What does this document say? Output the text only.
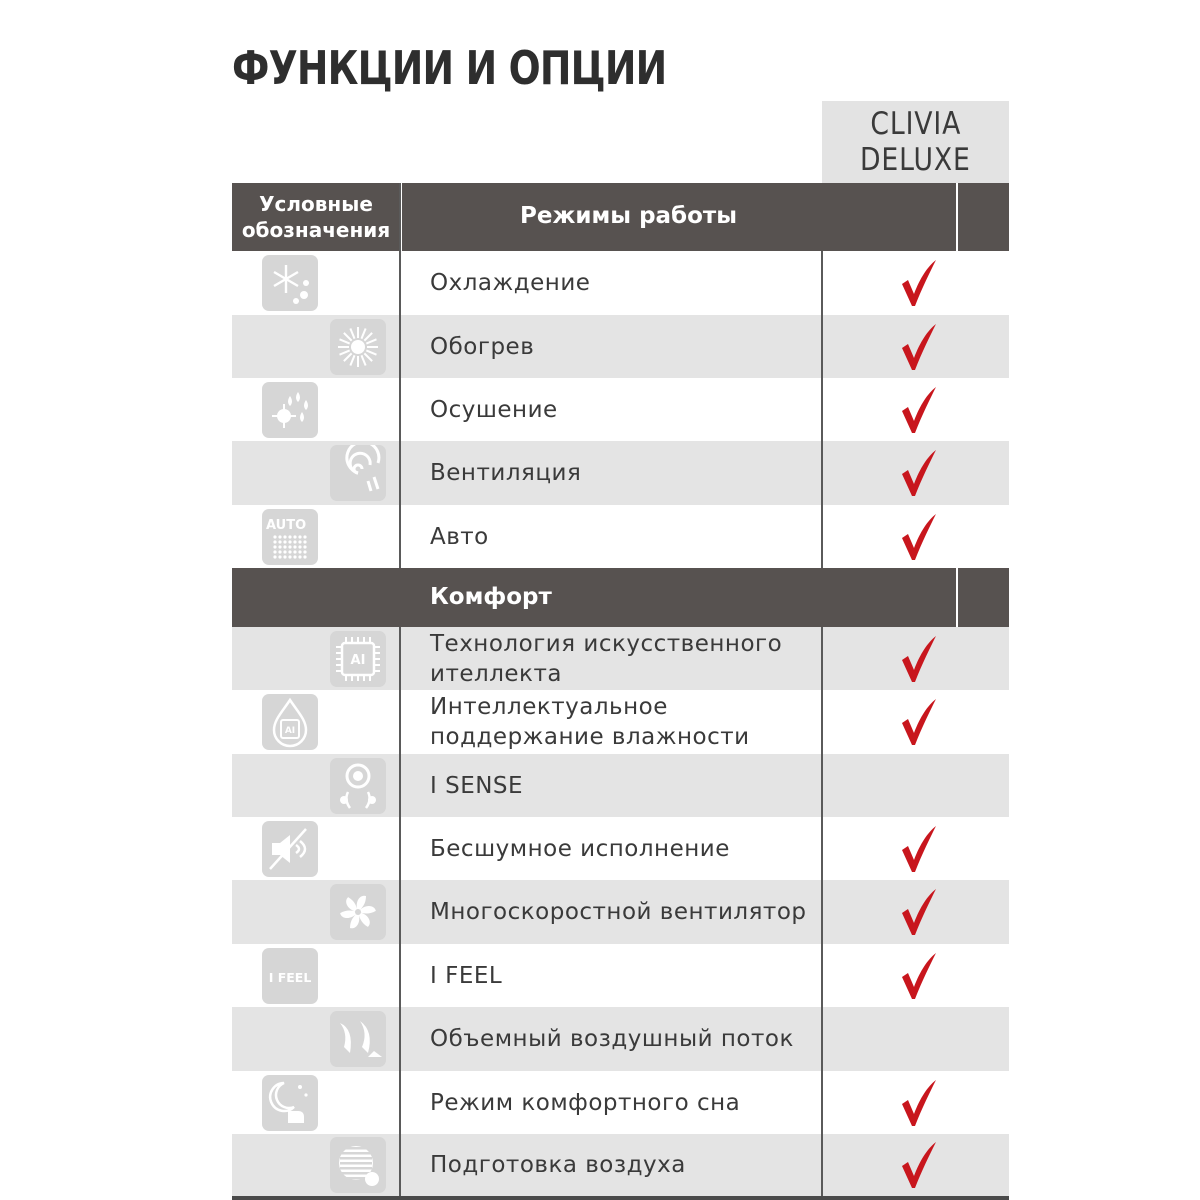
ФУНКЦИИ И ОПЦИИ
CLIVIA
DELUXE
Условные
обозначения
Режимы работы
Комфорт
Охлаждение
Обогрев
Осушение
Вентиляция
AUTO	Авто
AI
Технология искусственного ителлекта
AI
Интеллектуальное поддержание влажности
I SENSE
Бесшумное исполнение
Многоскоростной вентилятор
I FEEL	I FEEL
Объемный воздушный поток
Режим комфортного сна
Подготовка воздуха
